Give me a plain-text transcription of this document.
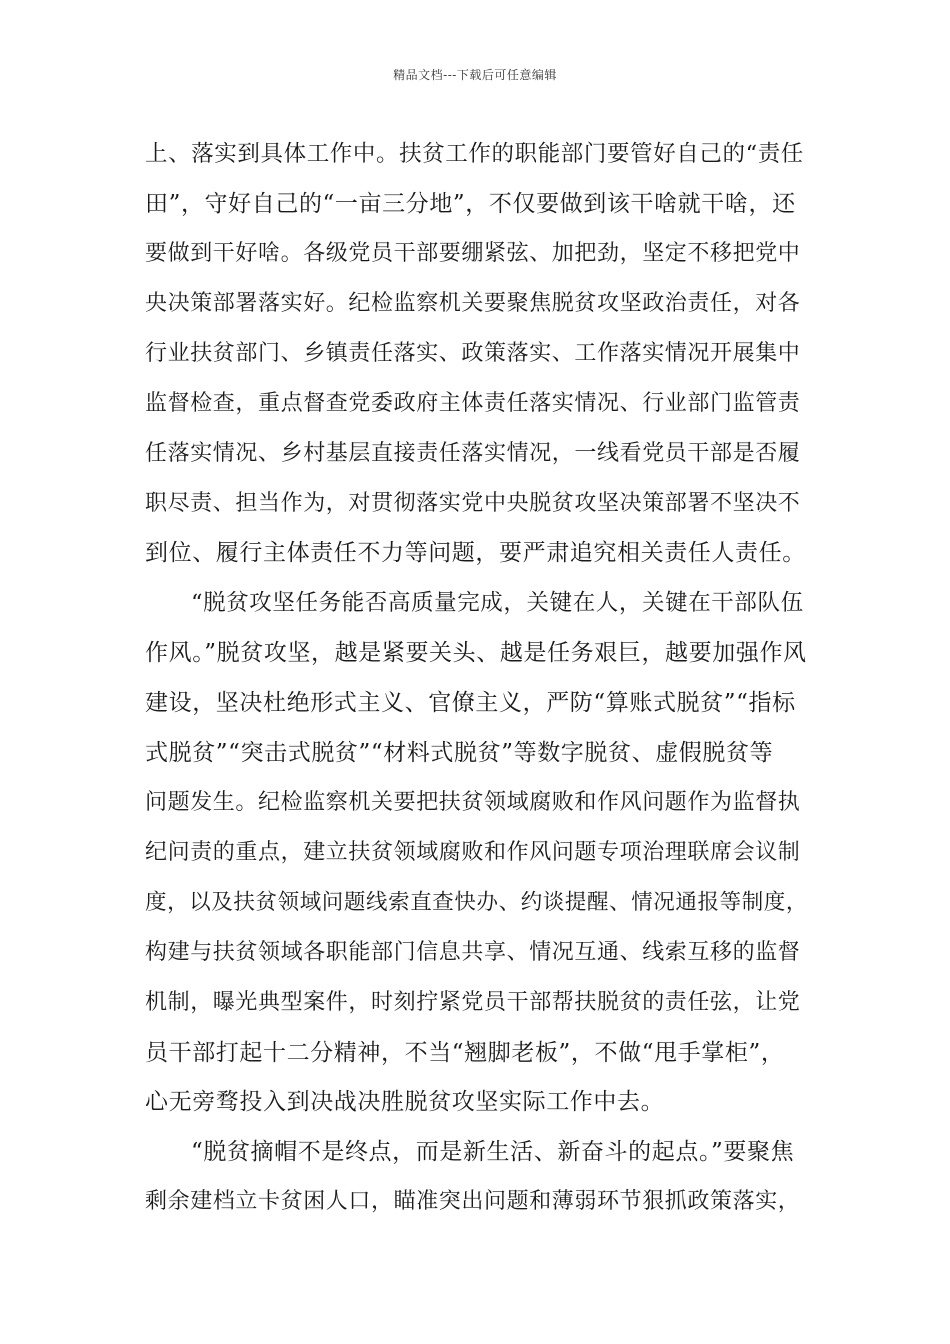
精品文档---下载后可任意编辑
上、落实到具体工作中。扶贫工作的职能部门要管好自己的“责任
田”，守好自己的“一亩三分地”，不仅要做到该干啥就干啥，还
要做到干好啥。各级党员干部要绷紧弦、加把劲，坚定不移把党中
央决策部署落实好。纪检监察机关要聚焦脱贫攻坚政治责任，对各
行业扶贫部门、乡镇责任落实、政策落实、工作落实情况开展集中
监督检查，重点督查党委政府主体责任落实情况、行业部门监管责
任落实情况、乡村基层直接责任落实情况，一线看党员干部是否履
职尽责、担当作为，对贯彻落实党中央脱贫攻坚决策部署不坚决不
到位、履行主体责任不力等问题，要严肃追究相关责任人责任。
“脱贫攻坚任务能否高质量完成，关键在人，关键在干部队伍
作风。”脱贫攻坚，越是紧要关头、越是任务艰巨，越要加强作风
建设，坚决杜绝形式主义、官僚主义，严防“算账式脱贫”“指标
式脱贫”“突击式脱贫”“材料式脱贫”等数字脱贫、虚假脱贫等
问题发生。纪检监察机关要把扶贫领域腐败和作风问题作为监督执
纪问责的重点，建立扶贫领域腐败和作风问题专项治理联席会议制
度，以及扶贫领域问题线索直查快办、约谈提醒、情况通报等制度，
构建与扶贫领域各职能部门信息共享、情况互通、线索互移的监督
机制，曝光典型案件，时刻拧紧党员干部帮扶脱贫的责任弦，让党
员干部打起十二分精神，不当“翘脚老板”，不做“甩手掌柜”，
心无旁骛投入到决战决胜脱贫攻坚实际工作中去。
“脱贫摘帽不是终点，而是新生活、新奋斗的起点。”要聚焦
剩余建档立卡贫困人口，瞄准突出问题和薄弱环节狠抓政策落实，
